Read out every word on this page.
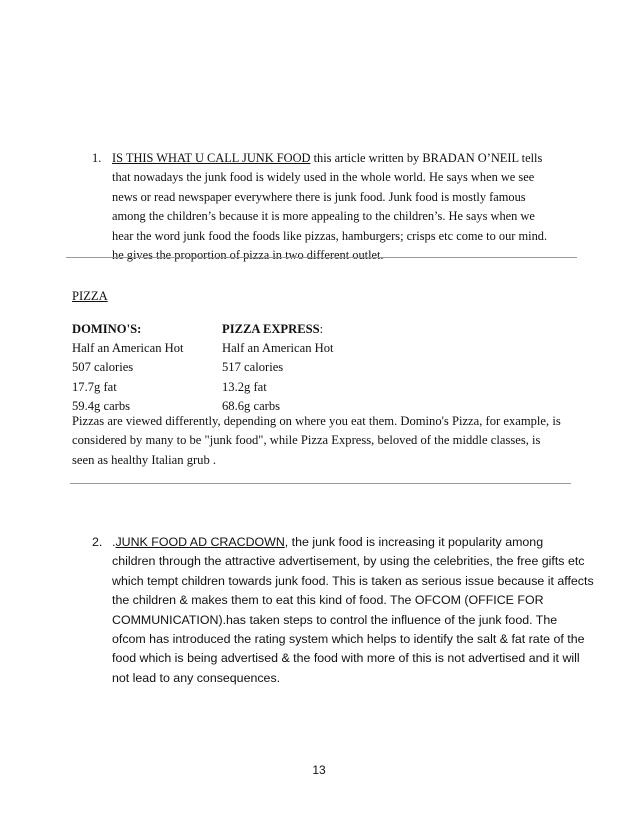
1. IS THIS WHAT U CALL JUNK FOOD this article written by BRADAN O’NEIL tells
that nowadays the junk food is widely used in the whole world. He says when we see
news or read newspaper everywhere there is junk food. Junk food is mostly famous
among the children’s because it is more appealing to the children’s. He says when we
hear the word junk food the foods like pizzas, hamburgers; crisps etc come to our mind.
he gives the proportion of pizza in two different outlet.
PIZZA
DOMINO'S:
Half an American Hot
507 calories
17.7g fat
59.4g carbs
PIZZA EXPRESS:
Half an American Hot
517 calories
13.2g fat
68.6g carbs
Pizzas are viewed differently, depending on where you eat them. Domino's Pizza, for example, is
considered by many to be "junk food", while Pizza Express, beloved of the middle classes, is
seen as healthy Italian grub .
2. .JUNK FOOD AD CRACDOWN, the junk food is increasing it popularity among
children through the attractive advertisement, by using the celebrities, the free gifts etc
which tempt children towards junk food. This is taken as serious issue because it affects
the children & makes them to eat this kind of food. The OFCOM (OFFICE FOR
COMMUNICATION).has taken steps to control the influence of the junk food. The
ofcom has introduced the rating system which helps to identify the salt & fat rate of the
food which is being advertised & the food with more of this is not advertised and it will
not lead to any consequences.
13
